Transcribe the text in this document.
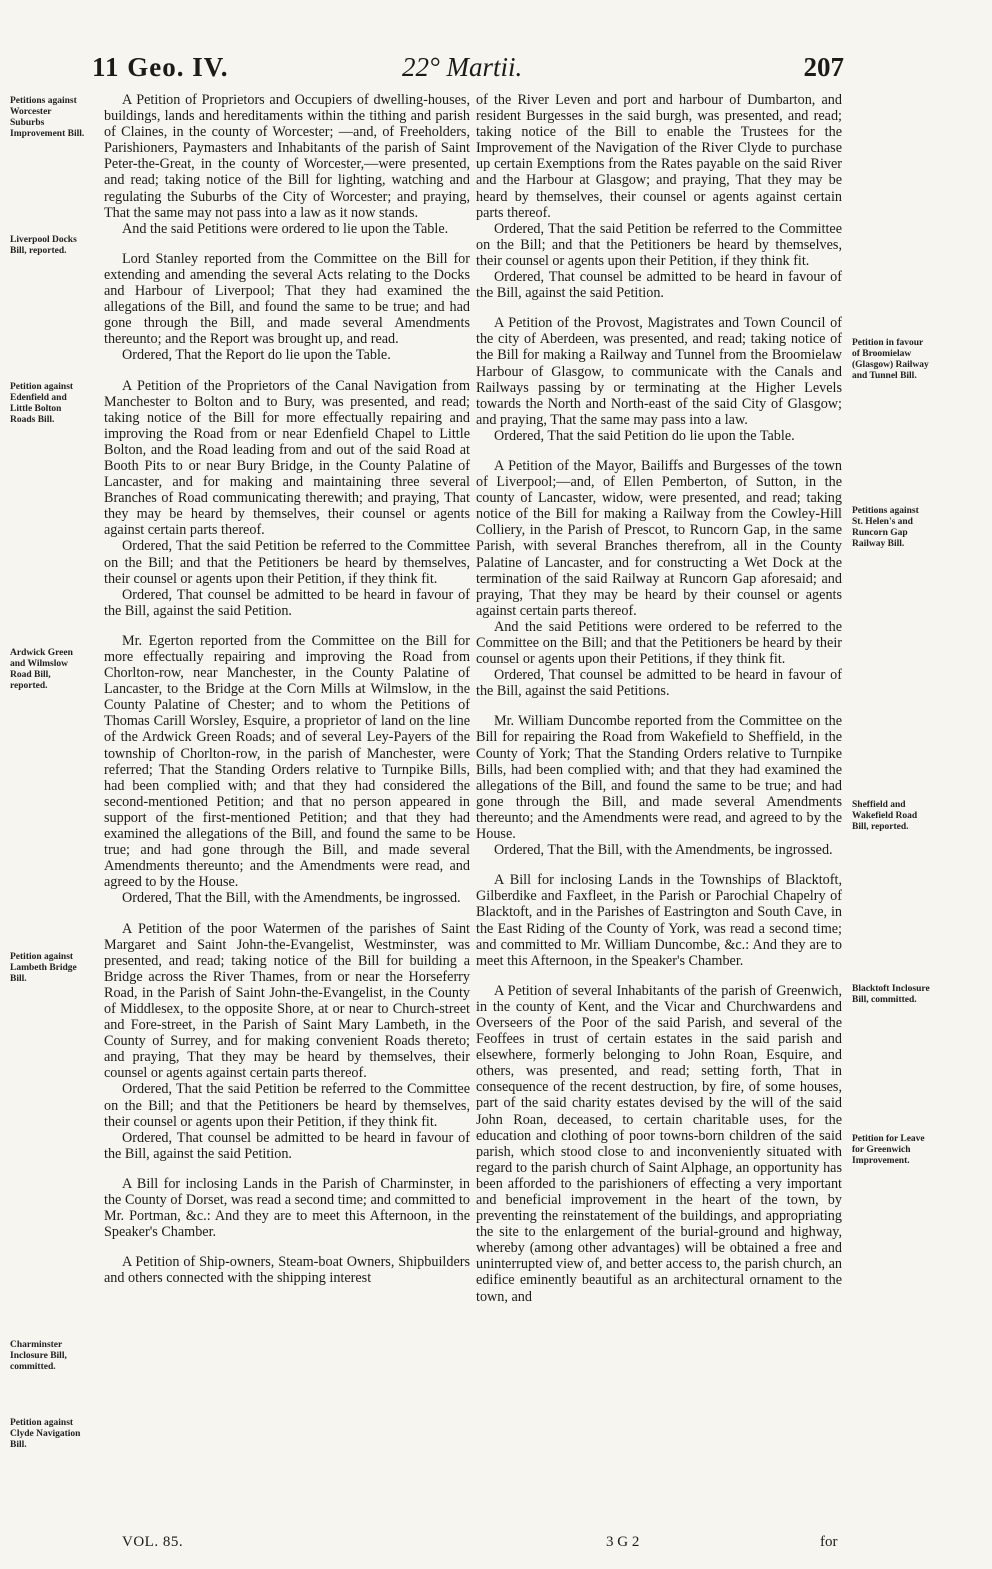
11 Geo. IV.	22° Martii.	207
Petitions against Worcester Suburbs Improvement Bill.
Liverpool Docks Bill, reported.
Petition against Edenfield and Little Bolton Roads Bill.
Ardwick Green and Wilmslow Road Bill, reported.
Petition against Lambeth Bridge Bill.
Charminster Inclosure Bill, committed.
Petition against Clyde Navigation Bill.
Petition in favour of Broomielaw (Glasgow) Railway and Tunnel Bill.
Petitions against St. Helen's and Runcorn Gap Railway Bill.
Sheffield and Wakefield Road Bill, reported.
Blacktoft Inclosure Bill, committed.
Petition for Leave for Greenwich Improvement.

A Petition of Proprietors and Occupiers of dwelling-houses, buildings, lands and hereditaments within the tithing and parish of Claines, in the county of Worcester; —and, of Freeholders, Parishioners, Paymasters and Inhabitants of the parish of Saint Peter-the-Great, in the county of Worcester,—were presented, and read; taking notice of the Bill for lighting, watching and regulating the Suburbs of the City of Worcester; and praying, That the same may not pass into a law as it now stands.

And the said Petitions were ordered to lie upon the Table.

Lord Stanley reported from the Committee on the Bill for extending and amending the several Acts relating to the Docks and Harbour of Liverpool; That they had examined the allegations of the Bill, and found the same to be true; and had gone through the Bill, and made several Amendments thereunto; and the Report was brought up, and read.

Ordered, That the Report do lie upon the Table.

A Petition of the Proprietors of the Canal Navigation from Manchester to Bolton and to Bury, was presented, and read; taking notice of the Bill for more effectually repairing and improving the Road from or near Edenfield Chapel to Little Bolton, and the Road leading from and out of the said Road at Booth Pits to or near Bury Bridge, in the County Palatine of Lancaster, and for making and maintaining three several Branches of Road communicating therewith; and praying, That they may be heard by themselves, their counsel or agents against certain parts thereof.

Ordered, That the said Petition be referred to the Committee on the Bill; and that the Petitioners be heard by themselves, their counsel or agents upon their Petition, if they think fit.

Ordered, That counsel be admitted to be heard in favour of the Bill, against the said Petition.

Mr. Egerton reported from the Committee on the Bill for more effectually repairing and improving the Road from Chorlton-row, near Manchester, in the County Palatine of Lancaster, to the Bridge at the Corn Mills at Wilmslow, in the County Palatine of Chester; and to whom the Petitions of Thomas Carill Worsley, Esquire, a proprietor of land on the line of the Ardwick Green Roads; and of several Ley-Payers of the township of Chorlton-row, in the parish of Manchester, were referred; That the Standing Orders relative to Turnpike Bills, had been complied with; and that they had considered the second-mentioned Petition; and that no person appeared in support of the first-mentioned Petition; and that they had examined the allegations of the Bill, and found the same to be true; and had gone through the Bill, and made several Amendments thereunto; and the Amendments were read, and agreed to by the House.

Ordered, That the Bill, with the Amendments, be ingrossed.

A Petition of the poor Watermen of the parishes of Saint Margaret and Saint John-the-Evangelist, Westminster, was presented, and read; taking notice of the Bill for building a Bridge across the River Thames, from or near the Horseferry Road, in the Parish of Saint John-the-Evangelist, in the County of Middlesex, to the opposite Shore, at or near to Church-street and Fore-street, in the Parish of Saint Mary Lambeth, in the County of Surrey, and for making convenient Roads thereto; and praying, That they may be heard by themselves, their counsel or agents against certain parts thereof.

Ordered, That the said Petition be referred to the Committee on the Bill; and that the Petitioners be heard by themselves, their counsel or agents upon their Petition, if they think fit.

Ordered, That counsel be admitted to be heard in favour of the Bill, against the said Petition.

A Bill for inclosing Lands in the Parish of Charminster, in the County of Dorset, was read a second time; and committed to Mr. Portman, &c.: And they are to meet this Afternoon, in the Speaker's Chamber.

A Petition of Ship-owners, Steam-boat Owners, Shipbuilders and others connected with the shipping interest

of the River Leven and port and harbour of Dumbarton, and resident Burgesses in the said burgh, was presented, and read; taking notice of the Bill to enable the Trustees for the Improvement of the Navigation of the River Clyde to purchase up certain Exemptions from the Rates payable on the said River and the Harbour at Glasgow; and praying, That they may be heard by themselves, their counsel or agents against certain parts thereof.

Ordered, That the said Petition be referred to the Committee on the Bill; and that the Petitioners be heard by themselves, their counsel or agents upon their Petition, if they think fit.

Ordered, That counsel be admitted to be heard in favour of the Bill, against the said Petition.

A Petition of the Provost, Magistrates and Town Council of the city of Aberdeen, was presented, and read; taking notice of the Bill for making a Railway and Tunnel from the Broomielaw Harbour of Glasgow, to communicate with the Canals and Railways passing by or terminating at the Higher Levels towards the North and North-east of the said City of Glasgow; and praying, That the same may pass into a law.

Ordered, That the said Petition do lie upon the Table.

A Petition of the Mayor, Bailiffs and Burgesses of the town of Liverpool;—and, of Ellen Pemberton, of Sutton, in the county of Lancaster, widow, were presented, and read; taking notice of the Bill for making a Railway from the Cowley-Hill Colliery, in the Parish of Prescot, to Runcorn Gap, in the same Parish, with several Branches therefrom, all in the County Palatine of Lancaster, and for constructing a Wet Dock at the termination of the said Railway at Runcorn Gap aforesaid; and praying, That they may be heard by their counsel or agents against certain parts thereof.

And the said Petitions were ordered to be referred to the Committee on the Bill; and that the Petitioners be heard by their counsel or agents upon their Petitions, if they think fit.

Ordered, That counsel be admitted to be heard in favour of the Bill, against the said Petitions.

Mr. William Duncombe reported from the Committee on the Bill for repairing the Road from Wakefield to Sheffield, in the County of York; That the Standing Orders relative to Turnpike Bills, had been complied with; and that they had examined the allegations of the Bill, and found the same to be true; and had gone through the Bill, and made several Amendments thereunto; and the Amendments were read, and agreed to by the House.

Ordered, That the Bill, with the Amendments, be ingrossed.

A Bill for inclosing Lands in the Townships of Blacktoft, Gilberdike and Faxfleet, in the Parish or Parochial Chapelry of Blacktoft, and in the Parishes of Eastrington and South Cave, in the East Riding of the County of York, was read a second time; and committed to Mr. William Duncombe, &c.: And they are to meet this Afternoon, in the Speaker's Chamber.

A Petition of several Inhabitants of the parish of Greenwich, in the county of Kent, and the Vicar and Churchwardens and Overseers of the Poor of the said Parish, and several of the Feoffees in trust of certain estates in the said parish and elsewhere, formerly belonging to John Roan, Esquire, and others, was presented, and read; setting forth, That in consequence of the recent destruction, by fire, of some houses, part of the said charity estates devised by the will of the said John Roan, deceased, to certain charitable uses, for the education and clothing of poor towns-born children of the said parish, which stood close to and inconveniently situated with regard to the parish church of Saint Alphage, an opportunity has been afforded to the parishioners of effecting a very important and beneficial improvement in the heart of the town, by preventing the reinstatement of the buildings, and appropriating the site to the enlargement of the burial-ground and highway, whereby (among other advantages) will be obtained a free and uninterrupted view of, and better access to, the parish church, an edifice eminently beautiful as an architectural ornament to the town, and

VOL. 85.	3 G 2	for
